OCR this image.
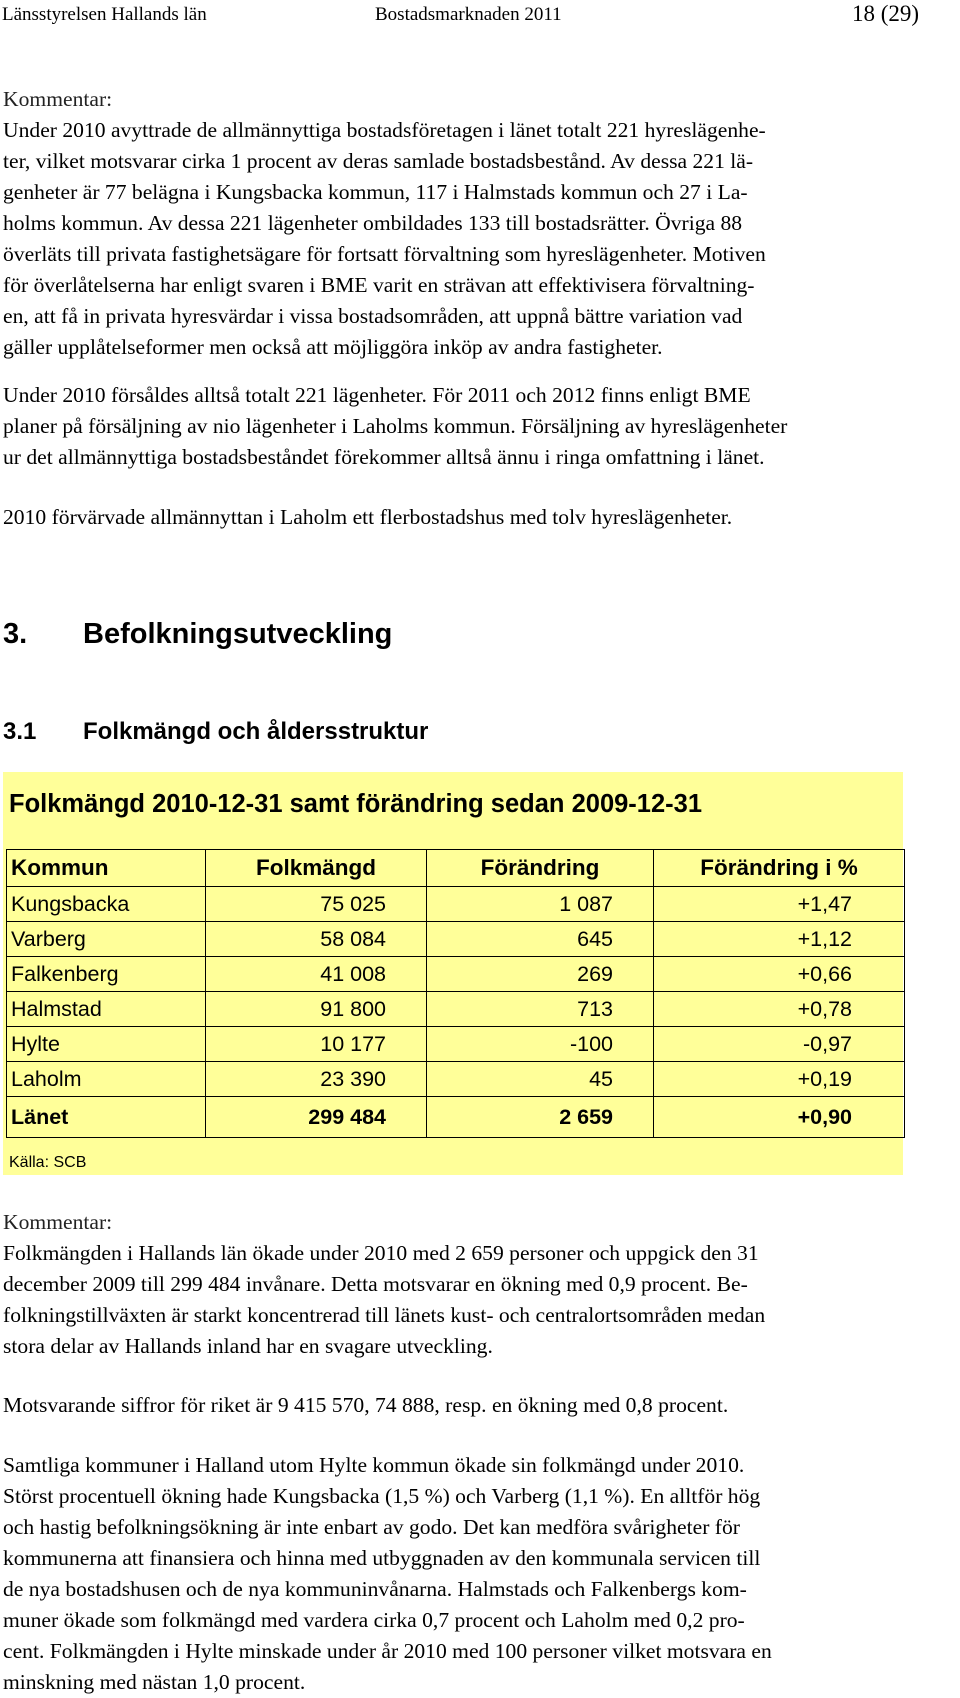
Länsstyrelsen Hallands län	Bostadsmarknaden 2011	18 (29)

Kommentar:

Under 2010 avyttrade de allmännyttiga bostadsföretagen i länet totalt 221 hyreslägenhe-
ter, vilket motsvarar cirka 1 procent av deras samlade bostadsbestånd. Av dessa 221 lä-
genheter är 77 belägna i Kungsbacka kommun, 117 i Halmstads kommun och 27 i La-
holms kommun. Av dessa 221 lägenheter ombildades 133 till bostadsrätter. Övriga 88
överläts till privata fastighetsägare för fortsatt förvaltning som hyreslägenheter. Motiven
för överlåtelserna har enligt svaren i BME varit en strävan att effektivisera förvaltning-
en, att få in privata hyresvärdar i vissa bostadsområden, att uppnå bättre variation vad
gäller upplåtelseformer men också att möjliggöra inköp av andra fastigheter.

Under 2010 försåldes alltså totalt 221 lägenheter. För 2011 och 2012 finns enligt BME
planer på försäljning av nio lägenheter i Laholms kommun. Försäljning av hyreslägenheter
ur det allmännyttiga bostadsbeståndet förekommer alltså ännu i ringa omfattning i länet.

2010 förvärvade allmännyttan i Laholm ett flerbostadshus med tolv hyreslägenheter.

3. Befolkningsutveckling
3.1 Folkmängd och åldersstruktur
Folkmängd 2010-12-31 samt förändring sedan 2009-12-31
Kommun	Folkmängd	Förändring	Förändring i %
Kungsbacka	75 025	1 087	+1,47
Varberg	58 084	645	+1,12
Falkenberg	41 008	269	+0,66
Halmstad	91 800	713	+0,78
Hylte	10 177	-100	-0,97
Laholm	23 390	45	+0,19
Länet	299 484	2 659	+0,90
Källa: SCB

Kommentar:

Folkmängden i Hallands län ökade under 2010 med 2 659 personer och uppgick den 31
december 2009 till 299 484 invånare. Detta motsvarar en ökning med 0,9 procent. Be-
folkningstillväxten är starkt koncentrerad till länets kust- och centralortsområden medan
stora delar av Hallands inland har en svagare utveckling.

Motsvarande siffror för riket är 9 415 570, 74 888, resp. en ökning med 0,8 procent.

Samtliga kommuner i Halland utom Hylte kommun ökade sin folkmängd under 2010.
Störst procentuell ökning hade Kungsbacka (1,5 %) och Varberg (1,1 %). En alltför hög
och hastig befolkningsökning är inte enbart av godo. Det kan medföra svårigheter för
kommunerna att finansiera och hinna med utbyggnaden av den kommunala servicen till
de nya bostadshusen och de nya kommuninvånarna. Halmstads och Falkenbergs kom-
muner ökade som folkmängd med vardera cirka 0,7 procent och Laholm med 0,2 pro-
cent. Folkmängden i Hylte minskade under år 2010 med 100 personer vilket motsvara en
minskning med nästan 1,0 procent.
